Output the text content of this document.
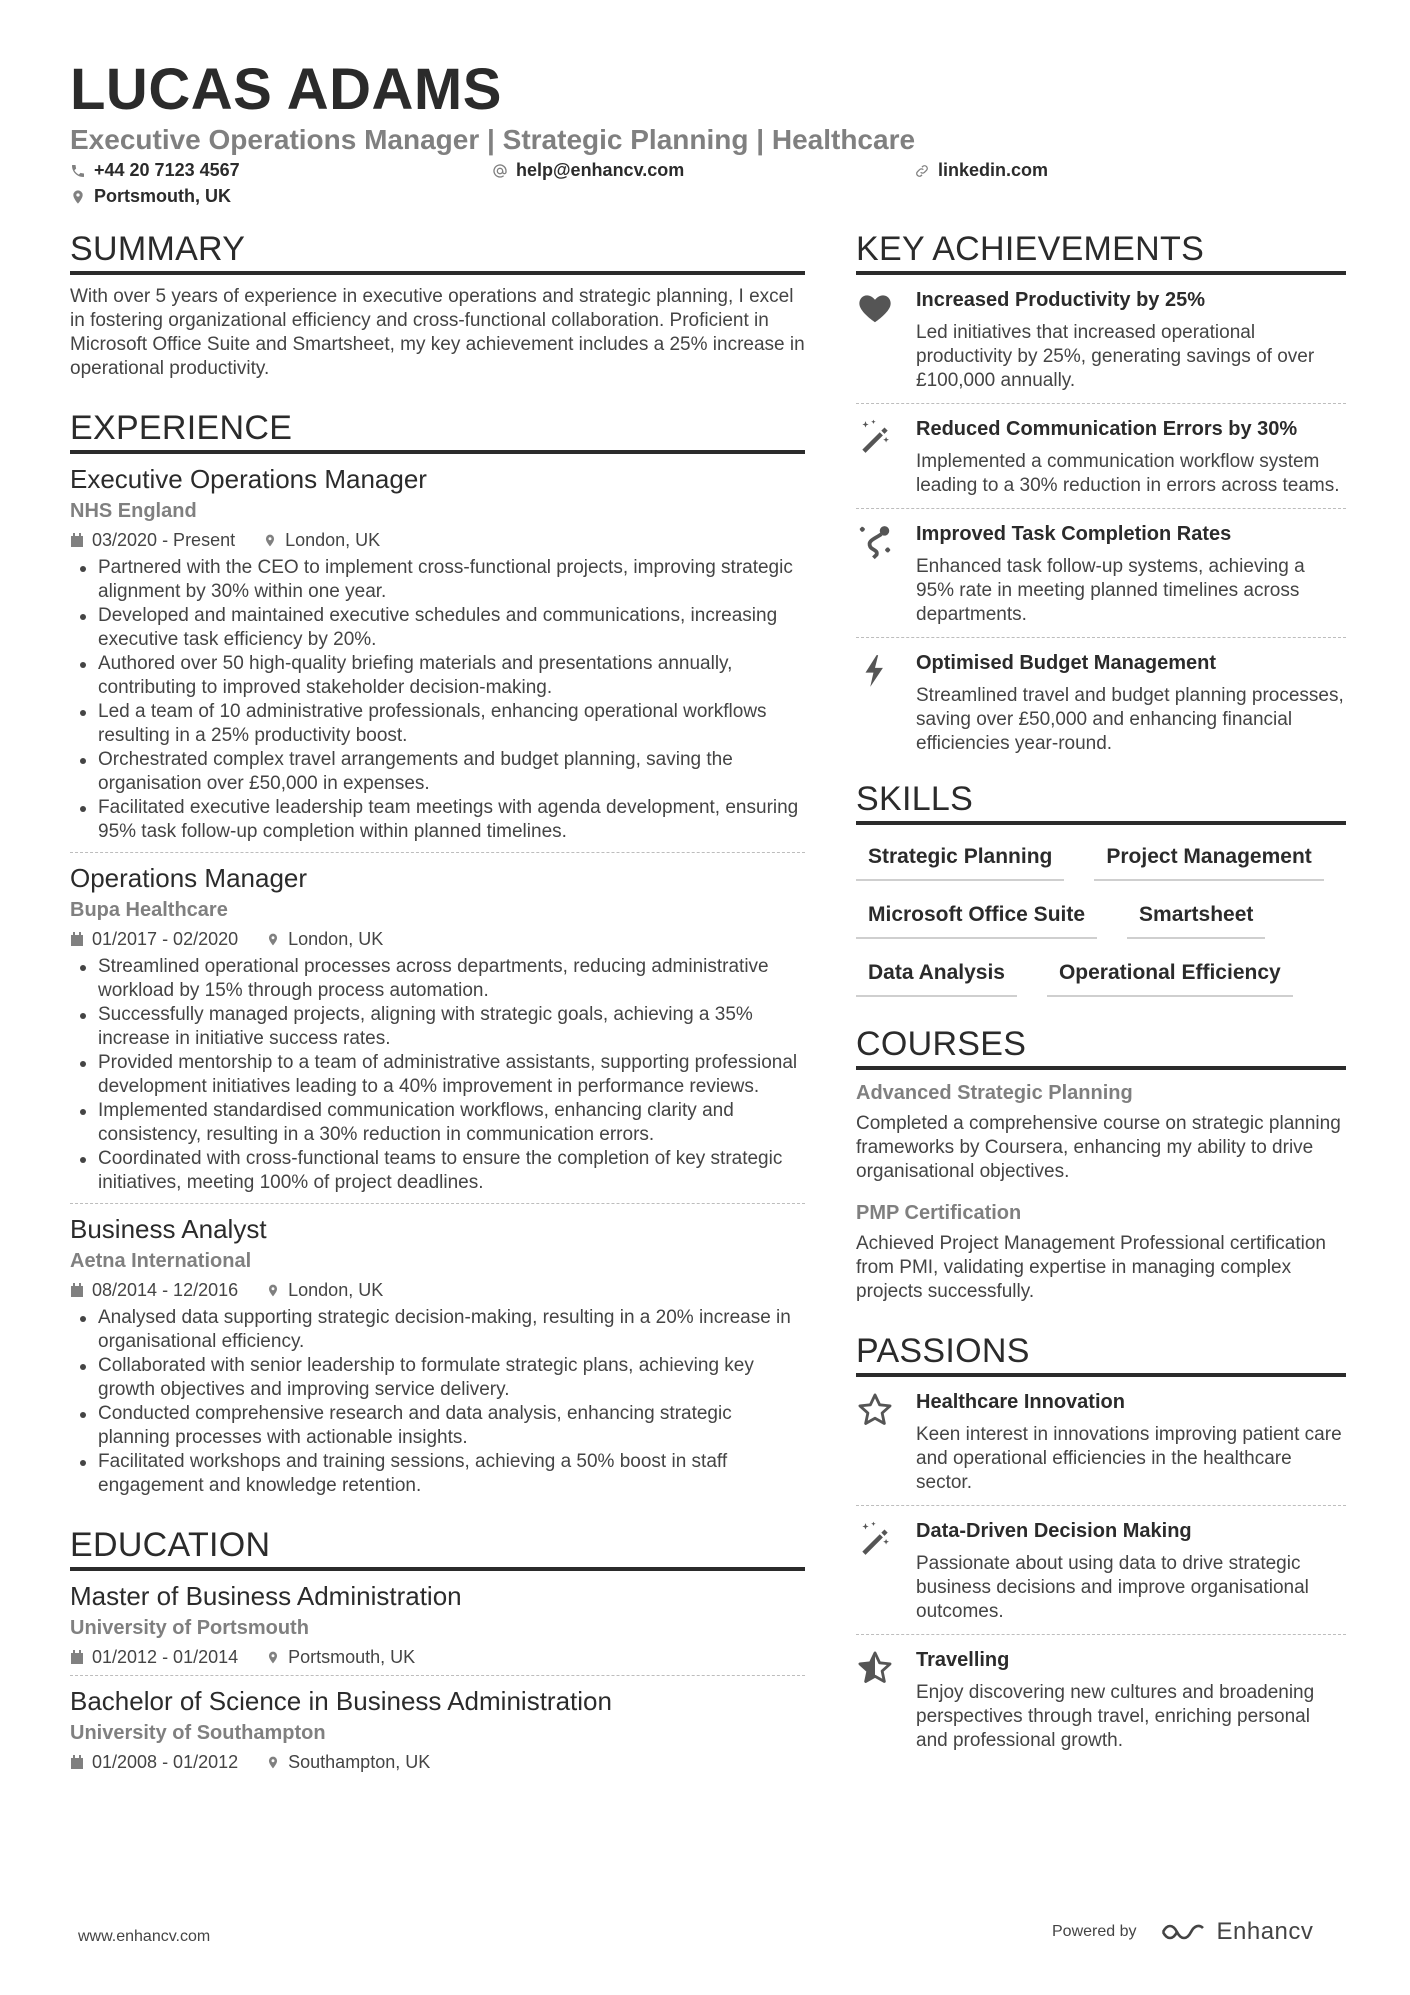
LUCAS ADAMS
Executive Operations Manager | Strategic Planning | Healthcare
+44 20 7123 4567	help@enhancv.com	linkedin.com
Portsmouth, UK
SUMMARY
With over 5 years of experience in executive operations and strategic planning, I excel in fostering organizational efficiency and cross-functional collaboration. Proficient in Microsoft Office Suite and Smartsheet, my key achievement includes a 25% increase in operational productivity.
EXPERIENCE
Executive Operations Manager
NHS England
03/2020 - Present	London, UK
Partnered with the CEO to implement cross-functional projects, improving strategic alignment by 30% within one year.
Developed and maintained executive schedules and communications, increasing executive task efficiency by 20%.
Authored over 50 high-quality briefing materials and presentations annually, contributing to improved stakeholder decision-making.
Led a team of 10 administrative professionals, enhancing operational workflows resulting in a 25% productivity boost.
Orchestrated complex travel arrangements and budget planning, saving the organisation over £50,000 in expenses.
Facilitated executive leadership team meetings with agenda development, ensuring 95% task follow-up completion within planned timelines.
Operations Manager
Bupa Healthcare
01/2017 - 02/2020	London, UK
Streamlined operational processes across departments, reducing administrative workload by 15% through process automation.
Successfully managed projects, aligning with strategic goals, achieving a 35% increase in initiative success rates.
Provided mentorship to a team of administrative assistants, supporting professional development initiatives leading to a 40% improvement in performance reviews.
Implemented standardised communication workflows, enhancing clarity and consistency, resulting in a 30% reduction in communication errors.
Coordinated with cross-functional teams to ensure the completion of key strategic initiatives, meeting 100% of project deadlines.
Business Analyst
Aetna International
08/2014 - 12/2016	London, UK
Analysed data supporting strategic decision-making, resulting in a 20% increase in organisational efficiency.
Collaborated with senior leadership to formulate strategic plans, achieving key growth objectives and improving service delivery.
Conducted comprehensive research and data analysis, enhancing strategic planning processes with actionable insights.
Facilitated workshops and training sessions, achieving a 50% boost in staff engagement and knowledge retention.
EDUCATION
Master of Business Administration
University of Portsmouth
01/2012 - 01/2014	Portsmouth, UK
Bachelor of Science in Business Administration
University of Southampton
01/2008 - 01/2012	Southampton, UK
KEY ACHIEVEMENTS
Increased Productivity by 25%
Led initiatives that increased operational productivity by 25%, generating savings of over £100,000 annually.
Reduced Communication Errors by 30%
Implemented a communication workflow system leading to a 30% reduction in errors across teams.
Improved Task Completion Rates
Enhanced task follow-up systems, achieving a 95% rate in meeting planned timelines across departments.
Optimised Budget Management
Streamlined travel and budget planning processes, saving over £50,000 and enhancing financial efficiencies year-round.
SKILLS
Strategic Planning	Project Management
Microsoft Office Suite	Smartsheet
Data Analysis	Operational Efficiency
COURSES
Advanced Strategic Planning
Completed a comprehensive course on strategic planning frameworks by Coursera, enhancing my ability to drive organisational objectives.
PMP Certification
Achieved Project Management Professional certification from PMI, validating expertise in managing complex projects successfully.
PASSIONS
Healthcare Innovation
Keen interest in innovations improving patient care and operational efficiencies in the healthcare sector.
Data-Driven Decision Making
Passionate about using data to drive strategic business decisions and improve organisational outcomes.
Travelling
Enjoy discovering new cultures and broadening perspectives through travel, enriching personal and professional growth.
www.enhancv.com	Powered by	Enhancv
